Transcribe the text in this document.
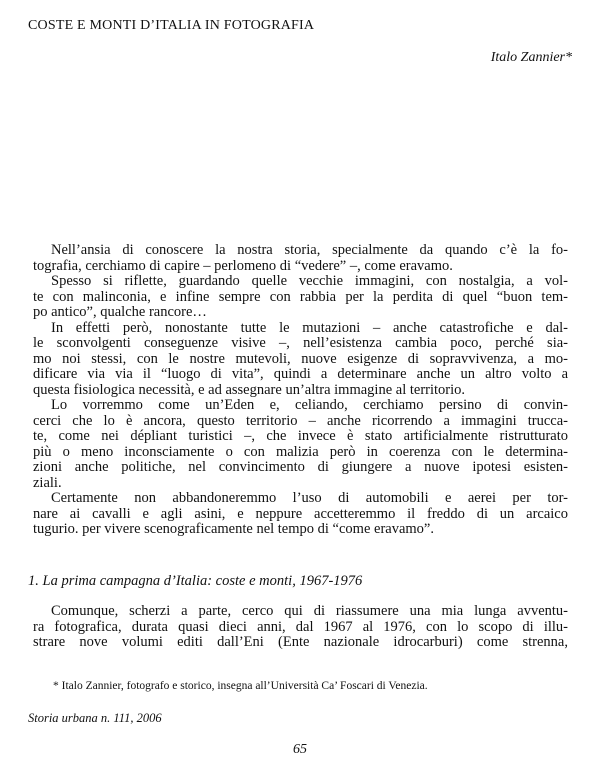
COSTE E MONTI D’ITALIA IN FOTOGRAFIA
Italo Zannier*
Nell’ansia di conoscere la nostra storia, specialmente da quando c’è la fo-
tografia, cerchiamo di capire – perlomeno di “vedere” –, come eravamo.
Spesso si riflette, guardando quelle vecchie immagini, con nostalgia, a vol-
te con malinconia, e infine sempre con rabbia per la perdita di quel “buon tem-
po antico”, qualche rancore…
In effetti però, nonostante tutte le mutazioni – anche catastrofiche e dal-
le sconvolgenti conseguenze visive –, nell’esistenza cambia poco, perché sia-
mo noi stessi, con le nostre mutevoli, nuove esigenze di sopravvivenza, a mo-
dificare via via il “luogo di vita”, quindi a determinare anche un altro volto a
questa fisiologica necessità, e ad assegnare un’altra immagine al territorio.
Lo vorremmo come un’Eden e, celiando, cerchiamo persino di convin-
cerci che lo è ancora, questo territorio – anche ricorrendo a immagini trucca-
te, come nei dépliant turistici –, che invece è stato artificialmente ristrutturato
più o meno inconsciamente o con malizia però in coerenza con le determina-
zioni anche politiche, nel convincimento di giungere a nuove ipotesi esisten-
ziali.
Certamente non abbandoneremmo l’uso di automobili e aerei per tor-
nare ai cavalli e agli asini, e neppure accetteremmo il freddo di un arcaico
tugurio. per vivere scenograficamente nel tempo di “come eravamo”.
1. La prima campagna d’Italia: coste e monti, 1967-1976
Comunque, scherzi a parte, cerco qui di riassumere una mia lunga avventu-
ra fotografica, durata quasi dieci anni, dal 1967 al 1976, con lo scopo di illu-
strare nove volumi editi dall’Eni (Ente nazionale idrocarburi) come strenna,
* Italo Zannier, fotografo e storico, insegna all’Università Ca’ Foscari di Venezia.
Storia urbana n. 111, 2006
65
